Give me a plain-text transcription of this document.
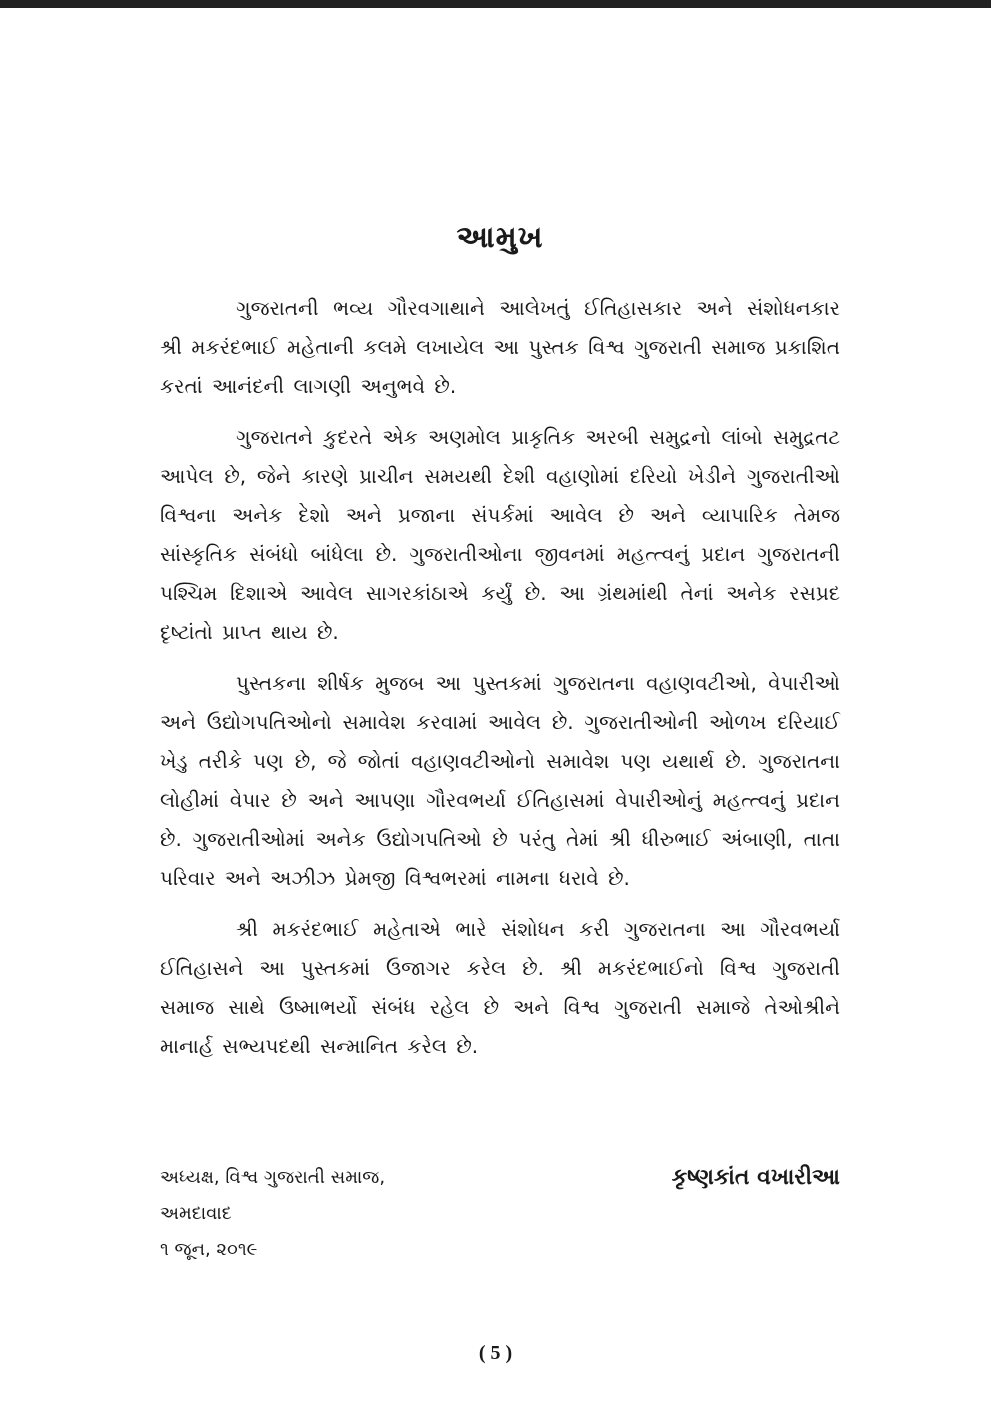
આમુખ

ગુજરાતની ભવ્ય ગૌરવગાથાને આલેખતું ઈતિહાસકાર અને સંશોધનકાર શ્રી મકરંદભાઈ મહેતાની કલમે લખાયેલ આ પુસ્તક વિશ્વ ગુજરાતી સમાજ પ્રકાશિત કરતાં આનંદની લાગણી અનુભવે છે.

ગુજરાતને કુદરતે એક અણમોલ પ્રાકૃતિક અરબી સમુદ્રનો લાંબો સમુદ્રતટ આપેલ છે, જેને કારણે પ્રાચીન સમયથી દેશી વહાણોમાં દરિયો ખેડીને ગુજરાતીઓ વિશ્વના અનેક દેશો અને પ્રજાના સંપર્કમાં આવેલ છે અને વ્યાપારિક તેમજ સાંસ્કૃતિક સંબંધો બાંધેલા છે. ગુજરાતીઓના જીવનમાં મહત્ત્વનું પ્રદાન ગુજરાતની પશ્ચિમ દિશાએ આવેલ સાગરકાંઠાએ કર્યું છે. આ ગ્રંથમાંથી તેનાં અનેક રસપ્રદ દૃષ્ટાંતો પ્રાપ્ત થાય છે.

પુસ્તકના શીર્ષક મુજબ આ પુસ્તકમાં ગુજરાતના વહાણવટીઓ, વેપારીઓ અને ઉદ્યોગપતિઓનો સમાવેશ કરવામાં આવેલ છે. ગુજરાતીઓની ઓળખ દરિયાઈ ખેડુ તરીકે પણ છે, જે જોતાં વહાણવટીઓનો સમાવેશ પણ યથાર્થ છે. ગુજરાતના લોહીમાં વેપાર છે અને આપણા ગૌરવભર્યા ઈતિહાસમાં વેપારીઓનું મહત્ત્વનું પ્રદાન છે. ગુજરાતીઓમાં અનેક ઉદ્યોગપતિઓ છે પરંતુ તેમાં શ્રી ધીરુભાઈ અંબાણી, તાતા પરિવાર અને અઝીઝ પ્રેમજી વિશ્વભરમાં નામના ધરાવે છે.

શ્રી મકરંદભાઈ મહેતાએ ભારે સંશોધન કરી ગુજરાતના આ ગૌરવભર્યા ઈતિહાસને આ પુસ્તકમાં ઉજાગર કરેલ છે. શ્રી મકરંદભાઈનો વિશ્વ ગુજરાતી સમાજ સાથે ઉષ્માભર્યો સંબંધ રહેલ છે અને વિશ્વ ગુજરાતી સમાજે તેઓશ્રીને માનાર્હ સભ્યપદથી સન્માનિત કરેલ છે.

અધ્યક્ષ, વિશ્વ ગુજરાતી સમાજ,
અમદાવાદ
૧ જૂન, ૨૦૧૯
કૃષ્ણકાંત વખારીઆ
( 5 )
